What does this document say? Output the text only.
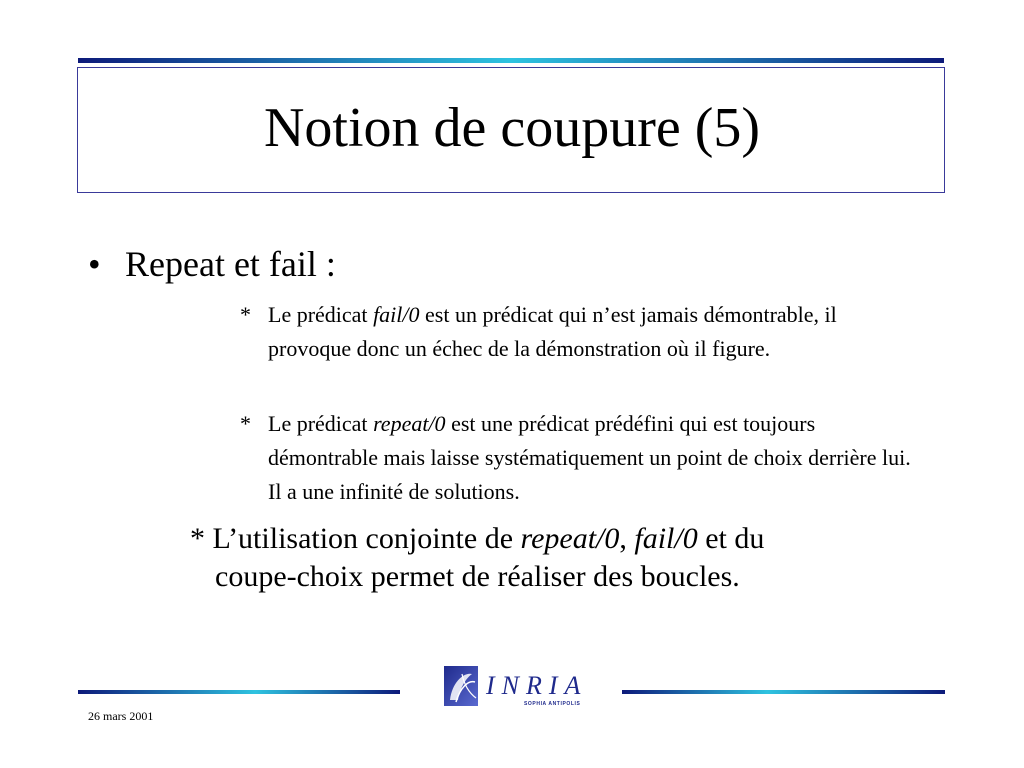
Notion de coupure (5)
• Repeat et fail :
* Le prédicat fail/0 est un prédicat qui n’est jamais démontrable, il provoque donc un échec de la démonstration où il figure.
* Le prédicat repeat/0 est une prédicat prédéfini qui est toujours démontrable mais laisse systématiquement un point de choix derrière lui. Il a une infinité de solutions.
* L’utilisation conjointe de repeat/0, fail/0 et du
coupe-choix permet de réaliser des boucles.
INRIA
SOPHIA ANTIPOLIS
26 mars 2001
